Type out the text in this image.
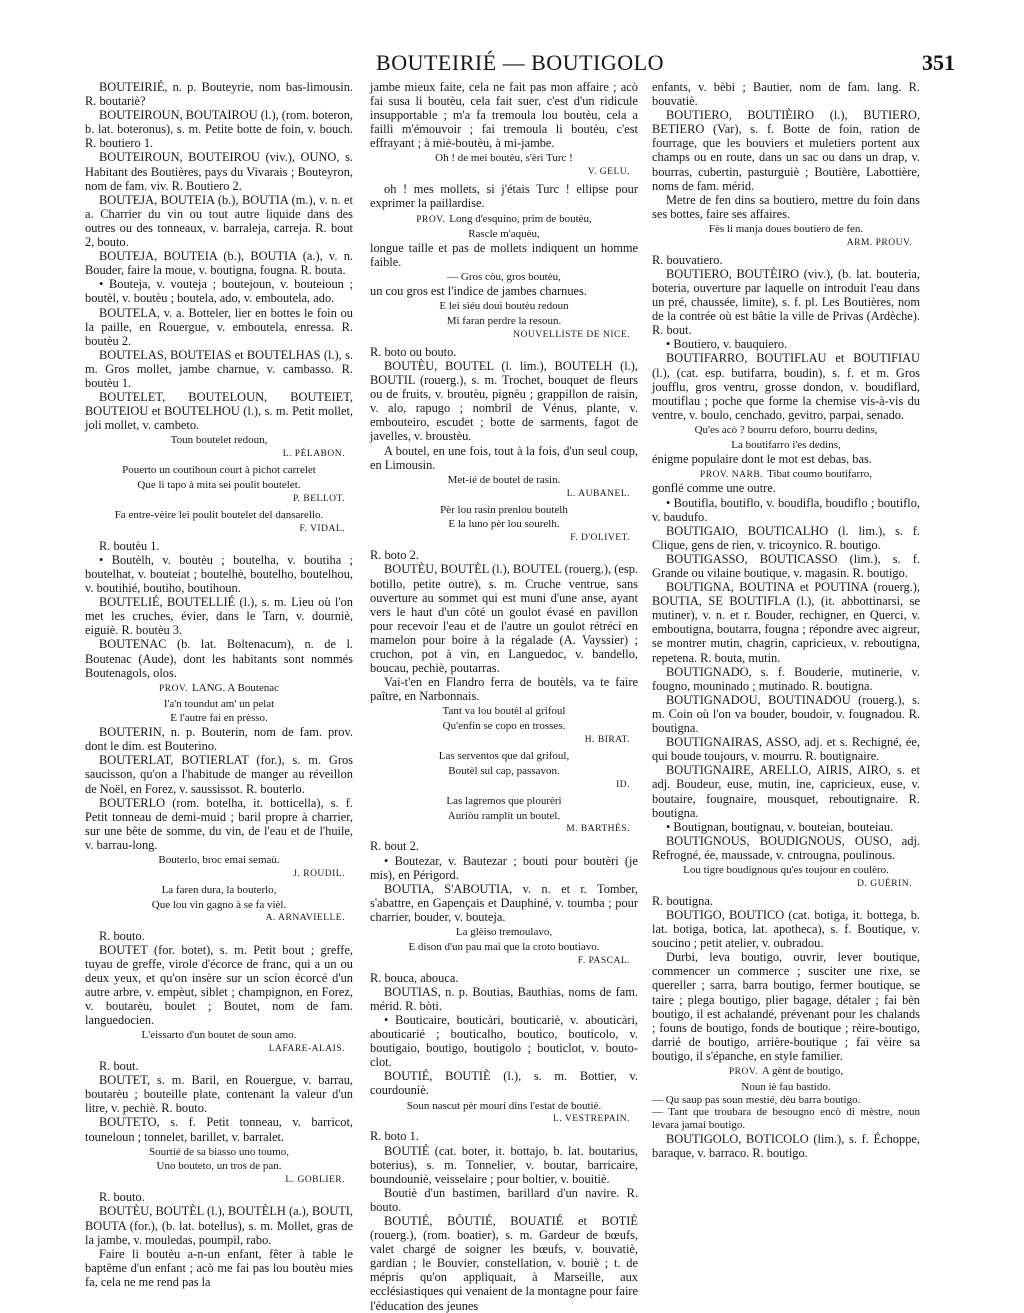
BOUTEIRIÉ — BOUTIGOLO	351

BOUTEIRIÉ, n. p. Bouteyrie, nom bas-limousin. R. boutariè?

BOUTEIROUN, BOUTAIROU (l.), (rom. boteron, b. lat. boteronus), s. m. Petite botte de foin, v. bouch. R. boutiero 1.

BOUTEIROUN, BOUTEIROU (viv.), OUNO, s. Habitant des Boutières, pays du Vivarais ; Bouteyron, nom de fam. viv. R. Boutiero 2.

BOUTEJA, BOUTEIA (b.), BOUTIA (m.), v. n. et a. Charrier du vin ou tout autre liquide dans des outres ou des tonneaux, v. barraleja, carreja. R. bout 2, bouto.

BOUTEJA, BOUTEIA (b.), BOUTIA (a.), v. n. Bouder, faire la moue, v. boutigna, fougna. R. bouta.

• Bouteja, v. vouteja ; boutejoun, v. bouteioun ; boutèl, v. boutèu ; boutela, ado, v. emboutela, ado.

BOUTELA, v. a. Botteler, lier en bottes le foin ou la paille, en Rouergue, v. emboutela, enressa. R. boutèu 2.

BOUTELAS, BOUTEIAS et BOUTELHAS (l.), s. m. Gros mollet, jambe charnue, v. cambasso. R. boutèu 1.

BOUTELET, BOUTELOUN, BOUTEIET, BOUTEIOU et BOUTELHOU (l.), s. m. Petit mollet, joli mollet, v. cambeto.

Toun boutelet redoun,

L. PÉLABON.

Pouerto un coutihoun court à pichot carrelet

Que li tapo à mita sei poulit boutelet.

P. BELLOT.

Fa entre-vèire lei poulit boutelet del dansarello.

F. VIDAL.

R. boutèu 1.

• Boutèlh, v. boutèu ; boutelha, v. boutiha ; boutelhat, v. bouteiat ; boutelhè, boutelho, boutelhou, v. boutihié, boutiho, boutihoun.

BOUTELIÉ, BOUTELLIÉ (l.), s. m. Lieu où l'on met les cruches, évier, dans le Tarn, v. dourniè, eiguiè. R. boutèu 3.

BOUTENAC (b. lat. Boltenacum), n. de l. Boutenac (Aude), dont les habitants sont nommés Boutenagols, olos.

PROV. LANG. A Boutenac

I'a'n toundut am' un pelat

E l'autre fai en prèsso.

BOUTERIN, n. p. Bouterin, nom de fam. prov. dont le dim. est Bouterino.

BOUTERLAT, BOTIERLAT (for.), s. m. Gros saucisson, qu'on a l'habitude de manger au réveillon de Noël, en Forez, v. saussissot. R. bouterlo.

BOUTERLO (rom. botelha, it. botticella), s. f. Petit tonneau de demi-muid ; baril propre à charrier, sur une bête de somme, du vin, de l'eau et de l'huile, v. barrau-long.

Bouterlo, broc emai semaù.

J. ROUDIL.

La faren dura, la bouterlo,

Que lou vin gagno à se fa vièl.

A. ARNAVIELLE.

R. bouto.

BOUTET (for. botet), s. m. Petit bout ; greffe, tuyau de greffe, virole d'écorce de franc, qui a un ou deux yeux, et qu'on insère sur un scion écorcé d'un autre arbre, v. empèut, siblet ; champignon, en Forez, v. boutarèu, boulet ; Boutet, nom de fam. languedocien.

L'eissarto d'un boutet de soun amo.

LAFARE-ALAIS.

R. bout.

BOUTET, s. m. Baril, en Rouergue, v. barrau, boutarèu ; bouteille plate, contenant la valeur d'un litre, v. pechiè. R. bouto.

BOUTETO, s. f. Petit tonneau, v. barricot, touneloun ; tonnelet, barillet, v. barralet.

Sourtié de sa biasso uno toumo,

Uno bouteto, un tros de pan.

L. GOBLIER.

R. bouto.

BOUTÈU, BOUTÈL (l.), BOUTÈLH (a.), BOUTI, BOUTA (for.), (b. lat. botellus), s. m. Mollet, gras de la jambe, v. mouledas, poumpil, rabo.

Faire li boutèu a-n-un enfant, fêter à table le baptême d'un enfant ; acò me fai pas lou boutèu mies fa, cela ne me rend pas la

jambe mieux faite, cela ne fait pas mon affaire ; acò fai susa li boutèu, cela fait suer, c'est d'un ridicule insupportable ; m'a fa tremoula lou boutèu, cela a failli m'émouvoir ; fai tremoula li boutèu, c'est effrayant ; à miè-boutèu, à mi-jambe.

Oh ! de mei boutèu, s'èri Turc !

V. GELU.

oh ! mes mollets, si j'étais Turc ! ellipse pour exprimer la paillardise.

PROV. Long d'esquino, prim de boutèu,

Rascle m'aquèu,

longue taille et pas de mollets indiquent un homme faible.

— Gros còu, gros boutèu,

un cou gros est l'indice de jambes charnues.

E lei siéu doui boutèu redoun

Mi faran perdre la resoun.

NOUVELLISTE DE NICE.

R. boto ou bouto.

BOUTÈU, BOUTEL (l. lim.), BOUTELH (l.), BOUTIL (rouerg.), s. m. Trochet, bouquet de fleurs ou de fruits, v. broutèu, pignèu ; grappillon de raisin, v. alo, rapugo ; nombril de Vénus, plante, v. embouteiro, escudet ; botte de sarments, fagot de javelles, v. broustèu.

A boutel, en une fois, tout à la fois, d'un seul coup, en Limousin.

Met-ié de boutel de rasin.

L. AUBANEL.

Pèr lou rasin prenlou boutelh

E la luno pèr lou sourelh.

F. D'OLIVET.

R. boto 2.

BOUTÈU, BOUTÈL (l.), BOUTEL (rouerg.), (esp. botillo, petite outre), s. m. Cruche ventrue, sans ouverture au sommet qui est muni d'une anse, ayant vers le haut d'un côté un goulot évasé en pavillon pour recevoir l'eau et de l'autre un goulot rétréci en mamelon pour boire à la régalade (A. Vayssier) ; cruchon, pot à vin, en Languedoc, v. bandello, boucau, pechiè, poutarras.

Vai-t'en en Flandro ferra de boutèls, va te faire paître, en Narbonnais.

Tant va lou boutèl al grifoul

Qu'enfin se copo en trosses.

H. BIRAT.

Las serventos que dal grifoul,

Boutèl sul cap, passavon.

ID.

Las lagremos que plourèri

Auriòu ramplit un boutel.

M. BARTHÉS.

R. bout 2.

• Boutezar, v. Bautezar ; bouti pour boutèri (je mis), en Périgord.

BOUTIA, S'ABOUTIA, v. n. et r. Tomber, s'abattre, en Gapençais et Dauphiné, v. toumba ; pour charrier, bouder, v. bouteja.

La glèiso tremoulavo,

E dison d'un pau mai que la croto boutiavo.

F. PASCAL.

R. bouca, abouca.

BOUTIAS, n. p. Boutias, Bauthias, noms de fam. mérid. R. bòti.

• Bouticaire, bouticàri, bouticariè, v. abouticàri, abouticarié ; bouticalho, boutico, bouticolo, v. boutigaio, boutigo, boutigolo ; bouticlot, v. bouto-clot.

BOUTIÉ, BOUTIÈ (l.), s. m. Bottier, v. courdouniè.

Soun nascut pèr mouri dins l'estat de boutiè.

L. VESTREPAIN.

R. boto 1.

BOUTIÉ (cat. boter, it. bottajo, b. lat. boutarius, boterius), s. m. Tonnelier, v. boutar, barricaire, boundouniè, veisselaire ; pour boltier, v. bouitiè.

Boutiè d'un bastimen, barillard d'un navire. R. bouto.

BOUTIÉ, BÒUTIÉ, BOUATIÉ et BOTIÈ (rouerg.), (rom. boatier), s. m. Gardeur de bœufs, valet chargé de soigner les bœufs, v. bouvatiè, gardian ; le Bouvier, constellation, v. bouiè ; t. de mépris qu'on appliquait, à Marseille, aux ecclésiastiques qui venaient de la montagne pour faire l'éducation des jeunes

enfants, v. bèbi ; Bautier, nom de fam. lang. R. bouvatiè.

BOUTIERO, BOUTIÈIRO (l.), BUTIERO, BETIERO (Var), s. f. Botte de foin, ration de fourrage, que les bouviers et muletiers portent aux champs ou en route, dans un sac ou dans un drap, v. bourras, cubertin, pasturguiè ; Boutière, Labottière, noms de fam. mérid.

Metre de fen dins sa boutiero, mettre du foin dans ses bottes, faire ses affaires.

Fès li manja doues boutiero de fen.

ARM. PROUV.

R. bouvatiero.

BOUTIERO, BOUTÈIRO (viv.), (b. lat. bouteria, boteria, ouverture par laquelle on introduit l'eau dans un pré, chaussée, limite), s. f. pl. Les Boutières, nom de la contrée où est bâtie la ville de Privas (Ardèche). R. bout.

• Boutiero, v. bauquiero.

BOUTIFARRO, BOUTIFLAU et BOUTIFIAU (l.), (cat. esp. butifarra, boudin), s. f. et m. Gros joufflu, gros ventru, grosse dondon, v. boudiflard, moutiflau ; poche que forme la chemise vis-à-vis du ventre, v. boulo, cenchado, gevitro, parpai, senado.

Qu'es acò ? bourru deforo, bourru dedins,

La boutifarro i'es dedins,

énigme populaire dont le mot est debas, bas.

PROV. NARB. Tibat coumo boutifarro,

gonflé comme une outre.

• Boutifla, boutiflo, v. boudifla, boudiflo ; boutiflo, v. baudufo.

BOUTIGAIO, BOUTICALHO (l. lim.), s. f. Clique, gens de rien, v. tricoynico. R. boutigo.

BOUTIGASSO, BOUTICASSO (lim.), s. f. Grande ou vilaine boutique, v. magasin. R. boutigo.

BOUTIGNA, BOUTINA et POUTINA (rouerg.), BOUTIA, SE BOUTIFLA (l.), (it. abbottinarsi, se mutiner), v. n. et r. Bouder, rechigner, en Querci, v. emboutigna, boutarra, fougna ; répondre avec aigreur, se montrer mutin, chagrin, capricieux, v. reboutigna, repetena. R. bouta, mutin.

BOUTIGNADO, s. f. Bouderie, mutinerie, v. fougno, mouninado ; mutinado. R. boutigna.

BOUTIGNADOU, BOUTINADOU (rouerg.), s. m. Coin où l'on va bouder, boudoir, v. fougnadou. R. boutigna.

BOUTIGNAIRAS, ASSO, adj. et s. Rechigné, ée, qui boude toujours, v. mourru. R. boutignaire.

BOUTIGNAIRE, ARELLO, AIRIS, AIRO, s. et adj. Boudeur, euse, mutin, ine, capricieux, euse, v. boutaire, fougnaire, mousquet, reboutignaire. R. boutigna.

• Boutignan, boutignau, v. bouteian, bouteiau.

BOUTIGNOUS, BOUDIGNOUS, OUSO, adj. Refrogné, ée, maussade, v. cntrougna, poulinous.

Lou tigre boudignous qu'es toujour en coulèro.

D. GUÉRIN.

R. boutigna.

BOUTIGO, BOUTICO (cat. botiga, it. bottega, b. lat. botiga, botica, lat. apotheca), s. f. Boutique, v. soucino ; petit atelier, v. oubradou.

Durbi, leva boutigo, ouvrir, lever boutique, commencer un commerce ; susciter une rixe, se quereller ; sarra, barra boutigo, fermer boutique, se taire ; plega boutigo, plier bagage, détaler ; fai bèn boutigo, il est achalandé, prévenant pour les chalands ; founs de boutigo, fonds de boutique ; rèire-boutigo, darrié de boutigo, arrière-boutique ; fai vèire sa boutigo, il s'épanche, en style familier.

PROV. A gènt de boutigo,

Noun iè fau bastido.

— Qu saup pas soun mestié, dèu barra boutigo.

— Tant que troubara de besougno encò di mèstre, noun levara jamai boutigo.

BOUTIGOLO, BOTICOLO (lim.), s. f. Échoppe, baraque, v. barraco. R. boutigo.
